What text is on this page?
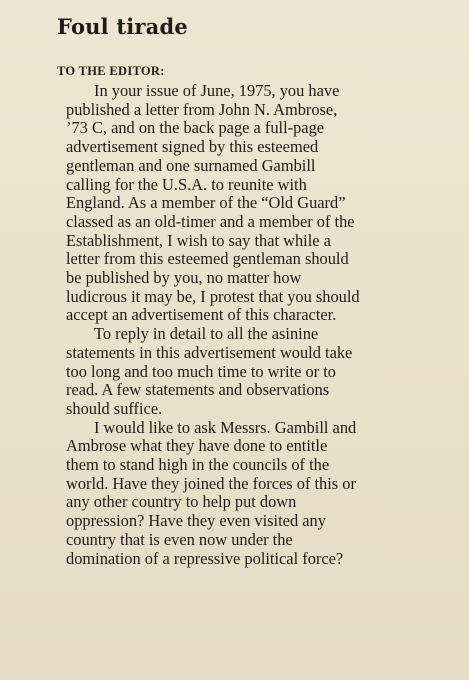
Foul tirade
TO THE EDITOR:
In your issue of June, 1975, you have
published a letter from John N. Ambrose,
’73 C, and on the back page a full-page
advertisement signed by this esteemed
gentleman and one surnamed Gambill
calling for the U.S.A. to reunite with
England. As a member of the “Old Guard”
classed as an old-timer and a member of the
Establishment, I wish to say that while a
letter from this esteemed gentleman should
be published by you, no matter how
ludicrous it may be, I protest that you should
accept an advertisement of this character.
To reply in detail to all the asinine
statements in this advertisement would take
too long and too much time to write or to
read. A few statements and observations
should suffice.
I would like to ask Messrs. Gambill and
Ambrose what they have done to entitle
them to stand high in the councils of the
world. Have they joined the forces of this or
any other country to help put down
oppression? Have they even visited any
country that is even now under the
domination of a repressive political force?
